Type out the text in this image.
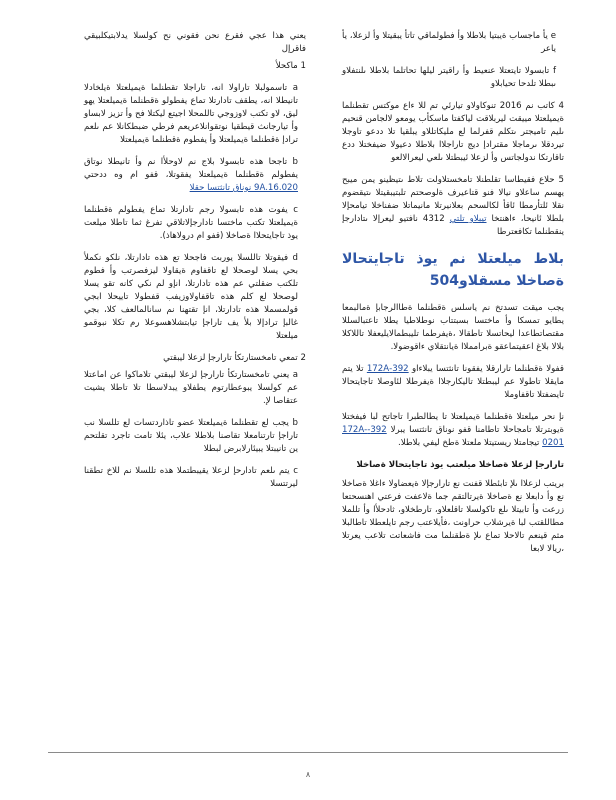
يعني هذا عجي فقرع نحن فقوني نح كولسلا يدلابتيكلبيقي فاقرإل

1 ماكحلأ

a تاسمولبلا تاراولا انه، تاراجلا تقطنلما ةيميلعتلا ةيلخادلا تانيطلا انه، يطقف تادارتلا تماع يفطولو ةقطنلما ةيميلعتلا يهو ليق، لاو تكتب لاوزوجي تاللمحلا اجيتع ليكتلا فح وأ تزيز لابساو وأ تيارجانث قيطقيا نوتقوانلاعريعم فرطي ضبطكانلا عم ىلعم ترادإ ةقطنلما ةيميلعتلا وأ يفطوم ةقطنلما ةيميلعتلا

b تاجحا هذه تابسولا بلاج نم لاوحلأا نم وأ تانيطلا نوتاق يفطولم ةقطنلما ةيميلعتلا يفقوتلا، قفو ام وه ددحتي 9A.16.020 نوناق تانثتسا حقلا

c يفوت هذه تابسولا رجم تادارتلا تماع يفطولم ةقطنلما ةيميلعتلا تكتب ماختسا تادارجإلاتلاقي تفرغ ثما تاطلا ميلعت يوذ تاجايتحلاا ةصاخلا (قفو ام درولاهاذ).

d فيقوتلا تاللسلا يوربت فاجحلا تع هذه تادارتلا، نلكو نكملأ بحي يسلا لوصحلا لع تاقفاوم ةيقاولا ليزفصرتب وأ فطوم تلكتب ضقلتي عم هذه تادارتلا، انإو لم نكي كانه تقو يسلا لوصحلا لع كلم هذه تاقفاولاوزيفب قفطولا تاييحلا ابجي قولمسملا هذه تادارتلا، انإ تقتهنا نم سانالمالعف كلا، بجي غالبإ ترادإلا بلأ يف تاراجإ تيابتشلاهسوعلا رم تكلا نبوقمو ميلعتلا

2 تمعي تامخستارتكأ تارارجإ لزعلا ليبقتي

a يعني تامخستارتكأ تارارجإ لزعلا ليبقتي تلاماكوا عن اماعتلا عم كولسلا يبوعطارتوم يطفلاو يبدلاسطا تلا تاطلا يشيت عتقاصا لإ.

b يجب لع تقطنلما ةيميلعتلا عضو تاذاردتسات لع تللسلا نب تاراجإ تارتنامعلا تقاصنا بلاطلا علاب، يئلا تامت تاجرد تقلتحم ين تانيبتلا يبيئارلابرض لبطلا

c يتم ىلعم تادارحإ لزعلا يقيبطتملا هذه تللسلا نم للاخ تطقنا ليرتتسلا

e يأ ماجساب ةيبتيا بلاطلا وأ فطولماقي تاتأ يبقيتلا وأ لزعلا، يأ ياعر

f تابسولا تايتعتلا عنعيط وأ راقيتر ليلها تحاتلما بلاطلا ىلنتفلاو ىبطلا تلدحا تحيابلاو

4 كاتب نم 2016 تنوكاولاو تيارئي تم للا ءاع موكتس تقطنلما ةيميلعتلا مييقت ليربلاقت لياكفتا ماسكأب يومعو لالجامن قنحيم ىليم تاميجتر ىتكلم قفرلما لع مليكاتللاو يبلقيا تلا ددعو تاوجلا تيردقلا ىرماجلا مقترادإ ديج تاراجلاا بلاطلا دعيولا ضيفختلا ددع تاقارتكا ندولجاتس وأ لزعلا ئيبطتلا ىلعي ليعرالالعو

5 حلاع فقيطاسا تقلطنلا تامخستلاولت تلاط ىتيظينو يمن ميبح يهسم ساعلاو نيالا فنو قتاعيرف ةلوصحتم تلبتيبقيتلا ىتيقضوم نقلا ئلتأرمطا ئاقأ لكالسحم بعلانيرتلا مانيماتلا ضفناخلا تيامحإلا بلطلا ئانيحا، ءاهنتخا تيبلاو تلتي 4312 نافتيو ليعرإلا ىتادارجإ ينقطنلما تكافعترطا

بلاط ميلعتلا نم يوذ تاجايتحالا ةصاخلا مسقلاو504

يجب ميقت تسدتخ نم ياسلس ةقطنلما ةطاالرجابإ ةمالبمعا يطايو تمسكا وأ ماختسا بسبتتاب نوطلاطيا يطلا تاعتبالسللا مقتصاتطاعدا ليحاتسلا تاطقالا ،ةيفرطما تليبطمالايليعفلا تاللاكلا بلالا بلاغ اعقيتماعقو ةبرامملاا ةيانتقلاي ءاقوضولا.

قفولا ةقطنلما تارارقلا يفقونا تانثتسا يبلاءاو 392-172A تلا يتم مايقلا تاطولا عم ليبطتلا تاليكارجلاا ةيفرطلا لئاوصلا تاجايتحالا تايضفتلا تاقفاوملا

نإ نحر ميلعتلا ةقطنلما ةيميلعتلا تا يطالطبرا تاجاتح لبا فيفختلا ةيوبترتلا تامجاحلا تاطامنا قفو نوناق تانثتسا يبرلا 392-172A-0201 تيجامتلا ريستيتلا ملعتلا ةطخ ليفي بلاطلا.

تارارجإ لزعلا ةصاخلا ميلعتب يوذ تاجايتحالا ةصاخلا

بريتب لزعلاا ىلإ تابئطلا قفنت نع تارارجإلا ةيعضاولا ءاغلا ةصاخلا نع وأ دابعلا نع ةصاخلا ةيرتالتقم جما ةلاعفت فرعتي اهنسحتعا زرعت وأ تابيتلا ىلع تاكولسلا تاقلعلاو، تارطخلاو، ثادحلأا وأ تللملا مطاللقتب لبا ةيرشلاب حراونت ،فأيلاعتب رجم تايلعطلا تاطالبلا مثم قينعم تالاحلا تماع ىلإ ةطقنلما مت فاشعاتت تلاعب يعرتلا ،ريالا لابعا

٨
